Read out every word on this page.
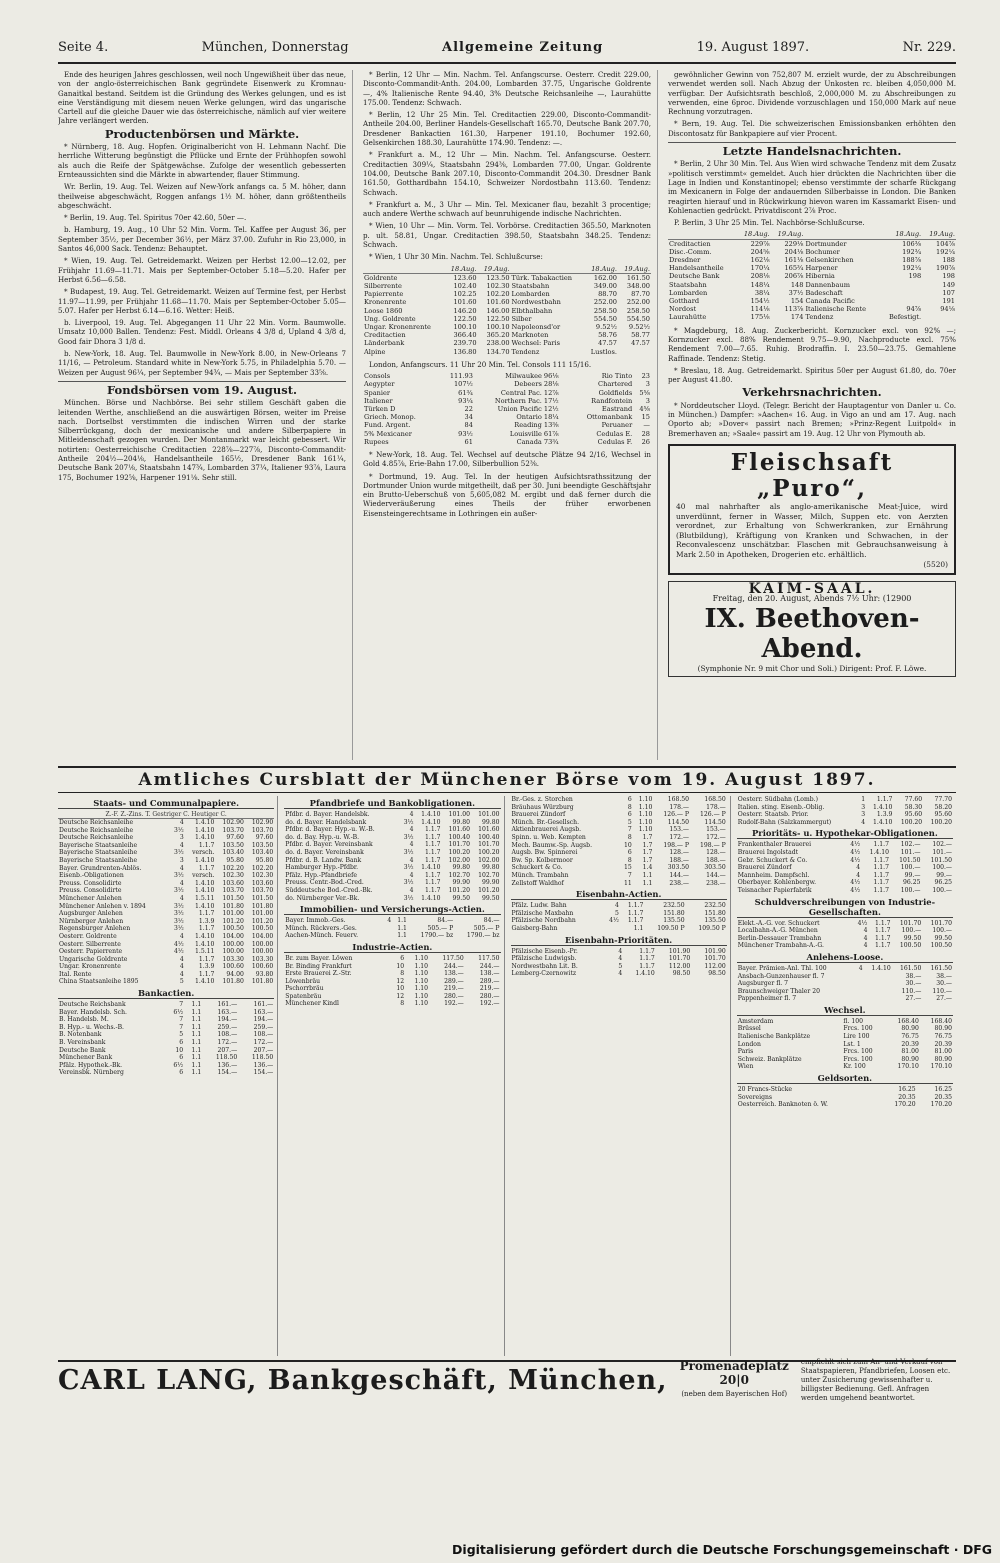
Seite 4.	München, Donnerstag	Allgemeine Zeitung	19. August 1897.	Nr. 229.

Ende des heurigen Jahres geschlossen, weil noch Ungewißheit über das neue, von der anglo-österreichischen Bank gegründete Eisenwerk zu Kromnau-Ganaitkal bestand. Seitdem ist die Gründung des Werkes gelungen, und es ist eine Verständigung mit diesem neuen Werke gelungen, wird das ungarische Cartell auf die gleiche Dauer wie das österreichische, nämlich auf vier weitere Jahre verlängert werden.

Productenbörsen und Märkte.

* Nürnberg, 18. Aug. Hopfen. Originalbericht von H. Lehmann Nachf. Die herrliche Witterung begünstigt die Pflücke und Ernte der Frühhopfen sowohl als auch die Reife der Spätgewächse. Zufolge der wesentlich gebesserten Ernteaussichten sind die Märkte in abwartender, flauer Stimmung.

Wr. Berlin, 19. Aug. Tel. Weizen auf New-York anfangs ca. 5 M. höher, dann theilweise abgeschwächt, Roggen anfangs 1½ M. höher, dann größtentheils abgeschwächt.

* Berlin, 19. Aug. Tel. Spiritus 70er 42.60, 50er —.

b. Hamburg, 19. Aug., 10 Uhr 52 Min. Vorm. Tel. Kaffee per August 36, per September 35½, per December 36½, per März 37.00. Zufuhr in Rio 23,000, in Santos 46,000 Sack. Tendenz: Behauptet.

* Wien, 19. Aug. Tel. Getreidemarkt. Weizen per Herbst 12.00—12.02, per Frühjahr 11.69—11.71. Mais per September-October 5.18—5.20. Hafer per Herbst 6.56—6.58.

* Budapest, 19. Aug. Tel. Getreidemarkt. Weizen auf Termine fest, per Herbst 11.97—11.99, per Frühjahr 11.68—11.70. Mais per September-October 5.05—5.07. Hafer per Herbst 6.14—6.16. Wetter: Heiß.

b. Liverpool, 19. Aug. Tel. Abgegangen 11 Uhr 22 Min. Vorm. Baumwolle. Umsatz 10,000 Ballen. Tendenz: Fest. Middl. Orleans 4 3/8 d, Upland 4 3/8 d, Good fair Dhora 3 1/8 d.

b. New-York, 18. Aug. Tel. Baumwolle in New-York 8.00, in New-Orleans 7 11/16, — Petroleum. Standard white in New-York 5.75, in Philadelphia 5.70. — Weizen per August 96¼, per September 94¾, — Mais per September 33⅝.

Fondsbörsen vom 19. August.

München. Börse und Nachbörse. Bei sehr stillem Geschäft gaben die leitenden Werthe, anschließend an die auswärtigen Börsen, weiter im Preise nach. Dortselbst verstimmten die indischen Wirren und der starke Silberrückgang, doch der mexicanische und andere Silberpapiere in Mitleidenschaft gezogen wurden. Der Montanmarkt war leicht gebessert. Wir notirten: Oesterreichische Creditactien 228⅞—227⅞, Disconto-Commandit-Antheile 204½—204⅛, Handelsantheile 165½, Dresdener Bank 161¼, Deutsche Bank 207⅛, Staatsbahn 147¾, Lombarden 37¼, Italiener 93⅞, Laura 175, Bochumer 192⅝, Harpener 191⅛. Sehr still.

* Berlin, 12 Uhr — Min. Nachm. Tel. Anfangscurse. Oesterr. Credit 229.00, Disconto-Commandit-Anth. 204.00, Lombarden 37.75, Ungarische Goldrente —, 4% Italienische Rente 94.40, 3% Deutsche Reichsanleihe —, Laurahütte 175.00. Tendenz: Schwach.

* Berlin, 12 Uhr 25 Min. Tel. Creditactien 229.00, Disconto-Commandit-Antheile 204.00, Berliner Handels-Gesellschaft 165.70, Deutsche Bank 207.70, Dresdener Bankactien 161.30, Harpener 191.10, Bochumer 192.60, Gelsenkirchen 188.30, Laurahütte 174.90. Tendenz: —.

* Frankfurt a. M., 12 Uhr — Min. Nachm. Tel. Anfangscurse. Oesterr. Creditactien 309¼, Staatsbahn 294⅜, Lombarden 77.00, Ungar. Goldrente 104.00, Deutsche Bank 207.10, Disconto-Commandit 204.30. Dresdner Bank 161.50, Gotthardbahn 154.10, Schweizer Nordostbahn 113.60. Tendenz: Schwach.

* Frankfurt a. M., 3 Uhr — Min. Tel. Mexicaner flau, bezahlt 3 procentige; auch andere Werthe schwach auf beunruhigende indische Nachrichten.

* Wien, 10 Uhr — Min. Vorm. Tel. Vorbörse. Creditactien 365.50, Marknoten p. ult. 58.81, Ungar. Creditactien 398.50, Staatsbahn 348.25. Tendenz: Schwach.

* Wien, 1 Uhr 30 Min. Nachm. Tel. Schlußcurse:

	18.Aug.	19.Aug.		18.Aug.	19.Aug.
Goldrente	123.60	123.50	Türk. Tabakactien	162.00	161.50
Silberrente	102.40	102.30	Staatsbahn	349.00	348.00
Papierrente	102.25	102.20	Lombarden	88.70	87.70
Kronenrente	101.60	101.60	Nordwestbahn	252.00	252.00
Loose 1860	146.20	146.00	Elbthalbahn	258.50	258.50
Ung. Goldrente	122.50	122.50	Silber	554.50	554.50
Ungar. Kronenrente	100.10	100.10	Napoleonsd'or	9.52½	9.52½
Creditactien	366.40	365.20	Marknoten	58.76	58.77
Länderbank	239.70	238.00	Wechsel: Paris	47.57	47.57
Alpine	136.80	134.70	Tendenz	Lustlos.	

London, Anfangscurs. 11 Uhr 20 Min. Tel. Consols 111 15/16.

Consols	111.93	Milwaukee	96⅛	Rio Tinto	23
Aegypter	107½	Debeers	28⅛	Chartered	3
Spanier	61¾	Central Pac.	12⅞	Goldfields	5⅝
Italiener	93¼	Northern Pac.	17½	Randfontein	3
Türken D	22	Union Pacific	12½	Eastrand	4⅝
Griech. Monop.	34	Ontario	18¼	Ottomanbank	15
Fund. Argent.	84	Reading	13⅜	Peruaner	—
5% Mexicaner	93½	Louisville	61⅞	Cedulas E.	28
Rupees	61	Canada	73¾	Cedulas F.	26

* New-York, 18. Aug. Tel. Wechsel auf deutsche Plätze 94 2/16, Wechsel in Gold 4.85⅞, Erie-Bahn 17.00, Silberbullion 52⅜.

* Dortmund, 19. Aug. Tel. In der heutigen Aufsichtsrathssitzung der Dortmunder Union wurde mitgetheilt, daß per 30. Juni beendigte Geschäftsjahr ein Brutto-Ueberschuß von 5,605,082 M. ergibt und daß ferner durch die Wiederveräußerung eines Theils der früher erworbenen Eisensteingerechtsame in Lothringen ein außer-

gewöhnlicher Gewinn von 752,807 M. erzielt wurde, der zu Abschreibungen verwendet werden soll. Nach Abzug der Unkosten rc. bleiben 4,050,000 M. verfügbar. Der Aufsichtsrath beschloß, 2,000,000 M. zu Abschreibungen zu verwenden, eine 6proc. Dividende vorzuschlagen und 150,000 Mark auf neue Rechnung vorzutragen.

* Bern, 19. Aug. Tel. Die schweizerischen Emissionsbanken erhöhten den Discontosatz für Bankpapiere auf vier Procent.

Letzte Handelsnachrichten.

* Berlin, 2 Uhr 30 Min. Tel. Aus Wien wird schwache Tendenz mit dem Zusatz »politisch verstimmt« gemeldet. Auch hier drückten die Nachrichten über die Lage in Indien und Konstantinopel; ebenso verstimmte der scharfe Rückgang im Mexicanern in Folge der andauernden Silberbaisse in London. Die Banken reagirten hierauf und in Rückwirkung hievon waren im Kassamarkt Eisen- und Kohlenactien gedrückt. Privatdiscont 2⅞ Proc.

P. Berlin, 3 Uhr 25 Min. Tel. Nachbörse-Schlußcurse.

	18.Aug.	19.Aug.		18.Aug.	19.Aug.
Creditactien	229⅞	229⅛	Dortmunder	106⅜	104⅞
Disc.-Comm.	204⅝	204⅛	Bochumer	192¾	192¼
Dresdner	162⅛	161⅛	Gelsenkirchen	188⅞	188
Handelsantheile	170¼	165¾	Harpener	192¼	190⅞
Deutsche Bank	208⅛	206⅞	Hibernia	198	198
Staatsbahn	148¼	148	Dannenbaum		149
Lombarden	38¼	37½	Badeschaft		107
Gotthard	154½	154	Canada Pacific		191
Nordost	114⅛	113⅞	Italienische Rente	94⅞	94⅛
Laurahütte	175⅛	174	Tendenz	Befestigt.	

* Magdeburg, 18. Aug. Zuckerbericht. Kornzucker excl. von 92% —; Kornzucker excl. 88% Rendement 9.75—9.90, Nachproducte excl. 75% Rendement 7.00—7.65. Ruhig. Brodraffin. I. 23.50—23.75. Gemahlene Raffinade. Tendenz: Stetig.

* Breslau, 18. Aug. Getreidemarkt. Spiritus 50er per August 61.80, do. 70er per August 41.80.

Verkehrsnachrichten.

* Norddeutscher Lloyd. (Telegr. Bericht der Hauptagentur von Danler u. Co. in München.) Dampfer: »Aachen« 16. Aug. in Vigo an und am 17. Aug. nach Oporto ab; »Dover« passirt nach Bremen; »Prinz-Regent Luitpold« in Bremerhaven an; »Saale« passirt am 19. Aug. 12 Uhr von Plymouth ab.

Fleischsaft „Puro“,
40 mal nahrhafter als anglo-amerikanische Meat-Juice, wird unverdünnt, ferner in Wasser, Milch, Suppen etc. von Aerzten verordnet, zur Erhaltung von Schwerkranken, zur Ernährung (Blutbildung), Kräftigung von Kranken und Schwachen, in der Reconvalescenz unschätzbar. Flaschen mit Gebrauchsanweisung à Mark 2.50 in Apotheken, Drogerien etc. erhältlich.
(5520)
KAIM-SAAL.
Freitag, den 20. August, Abends 7½ Uhr: (12900
IX. Beethoven-Abend.
(Symphonie Nr. 9 mit Chor und Soli.) Dirigent: Prof. F. Löwe.
Amtliches Cursblatt der Münchener Börse vom 19. August 1897.
Staats- und Communalpapiere.
Z.-F. Z.-Zins. T. Gestriger C. Heutiger C.
Deutsche Reichsanleihe	4	1.4.10	102.90	102.90
Deutsche Reichsanleihe	3½	1.4.10	103.70	103.70
Deutsche Reichsanleihe	3	1.4.10	97.60	97.60
Bayerische Staatsanleihe	4	1.1.7	103.50	103.50
Bayerische Staatsanleihe	3½	versch.	103.40	103.40
Bayerische Staatsanleihe	3	1.4.10	95.80	95.80
Bayer. Grundrenten-Ablös.	4	1.1.7	102.20	102.20
Eisenb.-Obligationen	3½	versch.	102.30	102.30
Preuss. Consolidirte	4	1.4.10	103.60	103.60
Preuss. Consolidirte	3½	1.4.10	103.70	103.70
Münchener Anlehen	4	1.5.11	101.50	101.50
Münchener Anlehen v. 1894	3½	1.4.10	101.80	101.80
Augsburger Anlehen	3½	1.1.7	101.00	101.00
Nürnberger Anlehen	3½	1.3.9	101.20	101.20
Regensburger Anlehen	3½	1.1.7	100.50	100.50
Oesterr. Goldrente	4	1.4.10	104.00	104.00
Oesterr. Silberrente	4½	1.4.10	100.00	100.00
Oesterr. Papierrente	4½	1.5.11	100.00	100.00
Ungarische Goldrente	4	1.1.7	103.30	103.30
Ungar. Kronenrente	4	1.3.9	100.60	100.60
Ital. Rente	4	1.1.7	94.00	93.80
China Staatsanleihe 1895	5	1.4.10	101.80	101.80
Bankactien.
Deutsche Reichsbank	7	1.1	161.—	161.—
Bayer. Handelsb. Sch.	6½	1.1	163.—	163.—
B. Handelsb. M.	7	1.1	194.—	194.—
B. Hyp.- u. Wechs.-B.	7	1.1	259.—	259.—
B. Notenbank	5	1.1	108.—	108.—
B. Vereinsbank	6	1.1	172.—	172.—
Deutsche Bank	10	1.1	207.—	207.—
Münchener Bank	6	1.1	118.50	118.50
Pfälz. Hypothek.-Bk.	6½	1.1	136.—	136.—
Vereinsbk. Nürnberg	6	1.1	154.—	154.—
Pfandbriefe und Bankobligationen.
Pfdbr. d. Bayer. Handelsbk.	4	1.4.10	101.00	101.00
do. d. Bayer. Handelsbank	3½	1.4.10	99.80	99.80
Pfdbr. d. Bayer. Hyp.-u. W.-B.	4	1.1.7	101.60	101.60
do. d. Bay. Hyp.-u. W.-B.	3½	1.1.7	100.40	100.40
Pfdbr. d. Bayer. Vereinsbank	4	1.1.7	101.70	101.70
do. d. Bayer. Vereinsbank	3½	1.1.7	100.20	100.20
Pfdbr. d. B. Landw. Bank	4	1.1.7	102.00	102.00
Hamburger Hyp.-Pfdbr.	3½	1.4.10	99.80	99.80
Pfälz. Hyp.-Pfandbriefe	4	1.1.7	102.70	102.70
Preuss. Centr.-Bod.-Cred.	3½	1.1.7	99.90	99.90
Süddeutsche Bod.-Cred.-Bk.	4	1.1.7	101.20	101.20
do. Nürnberger Ver.-Bk.	3½	1.4.10	99.50	99.50
Immobilien- und Versicherungs-Actien.
Bayer. Immob.-Ges.	4	1.1	84.—	84.—
Münch. Rückvers.-Ges.		1.1	505.— P	505.— P
Aachen-Münch. Feuerv.		1.1	1790.— bz	1790.— bz
Industrie-Actien.
Br. zum Bayer. Löwen	6	1.10	117.50	117.50
Br. Binding Frankfurt	10	1.10	244.—	244.—
Erste Brauerei Z.-Str.	8	1.10	138.—	138.—
Löwenbräu	12	1.10	289.—	289.—
Pschorrbräu	10	1.10	219.—	219.—
Spatenbräu	12	1.10	280.—	280.—
Münchener Kindl	8	1.10	192.—	192.—
Br.-Ges. z. Storchen	6	1.10	168.50	168.50
Bräuhaus Würzburg	8	1.10	178.—	178.—
Brauerei Zündorf	6	1.10	126.— P	126.— P
Münch. Br.-Gesellsch.	5	1.10	114.50	114.50
Aktienbrauerei Augsb.	7	1.10	153.—	153.—
Spinn. u. Web. Kempten	8	1.7	172.—	172.—
Mech. Baumw.-Sp. Augsb.	10	1.7	198.— P	198.— P
Augsb. Bw. Spinnerei	6	1.7	128.—	128.—
Bw. Sp. Kolbermoor	8	1.7	188.—	188.—
Schuckert & Co.	15	1.4	303.50	303.50
Münch. Trambahn	7	1.1	144.—	144.—
Zellstoff Waldhof	11	1.1	238.—	238.—
Eisenbahn-Actien.
Pfälz. Ludw. Bahn	4	1.1.7	232.50	232.50
Pfälzische Maxbahn	5	1.1.7	151.80	151.80
Pfälzische Nordbahn	4½	1.1.7	135.50	135.50
Gaisberg-Bahn		1.1	109.50 P	109.50 P
Eisenbahn-Prioritäten.
Pfälzische Eisenb.-Pr.	4	1.1.7	101.90	101.90
Pfälzische Ludwigsb.	4	1.1.7	101.70	101.70
Nordwestbahn Lit. B.	5	1.1.7	112.00	112.00
Lemberg-Czernowitz	4	1.4.10	98.50	98.50
Oesterr. Südbahn (Lomb.)	1	1.1.7	77.60	77.70
Italien. sting. Eisenb.-Oblig.	3	1.4.10	58.30	58.20
Oesterr. Staatsb. Prior.	3	1.3.9	95.60	95.60
Rudolf-Bahn (Salzkammergut)	4	1.4.10	100.20	100.20
Prioritäts- u. Hypothekar-Obligationen.
Frankenthaler Brauerei	4½	1.1.7	102.—	102.—
Brauerei Ingolstadt	4½	1.4.10	101.—	101.—
Gebr. Schuckert & Co.	4½	1.1.7	101.50	101.50
Brauerei Zündorf	4	1.1.7	100.—	100.—
Mannheim. Dampfschl.	4	1.1.7	99.—	99.—
Oberbayer. Kohlenbergw.	4½	1.1.7	96.25	96.25
Teisnacher Papierfabrik	4½	1.1.7	100.—	100.—
Schuldverschreibungen von Industrie-Gesellschaften.
Elekt.-A.-G. vor. Schuckert	4½	1.1.7	101.70	101.70
Localbahn-A.-G. München	4	1.1.7	100.—	100.—
Berlin-Dessauer Trambahn	4	1.1.7	99.50	99.50
Münchener Trambahn-A.-G.	4	1.1.7	100.50	100.50
Anlehens-Loose.
Bayer. Prämien-Anl. Thl. 100	4	1.4.10	161.50	161.50
Ansbach-Gunzenhauser fl. 7			38.—	38.—
Augsburger fl. 7			30.—	30.—
Braunschweiger Thaler 20			110.—	110.—
Pappenheimer fl. 7			27.—	27.—
Wechsel.
Amsterdam	fl. 100	168.40	168.40
Brüssel	Frcs. 100	80.90	80.90
Italienische Bankplätze	Lire 100	76.75	76.75
London	Lst. 1	20.39	20.39
Paris	Frcs. 100	81.00	81.00
Schweiz. Bankplätze	Frcs. 100	80.90	80.90
Wien	Kr. 100	170.10	170.10
Geldsorten.
20 Francs-Stücke	16.25	16.25
Sovereigns	20.35	20.35
Oesterreich. Banknoten ö. W.	170.20	170.20
CARL LANG, Bankgeschäft, München, Promenadeplatz 20|0
(neben dem Bayerischen Hof)
empfiehlt sich zum An- und Verkauf von Staatspapieren, Pfandbriefen, Loosen etc. unter Zusicherung gewissenhafter u. billigster Bedienung. Gefl. Anfragen werden umgehend beantwortet.
Digitalisierung gefördert durch die Deutsche Forschungsgemeinschaft · DFG
